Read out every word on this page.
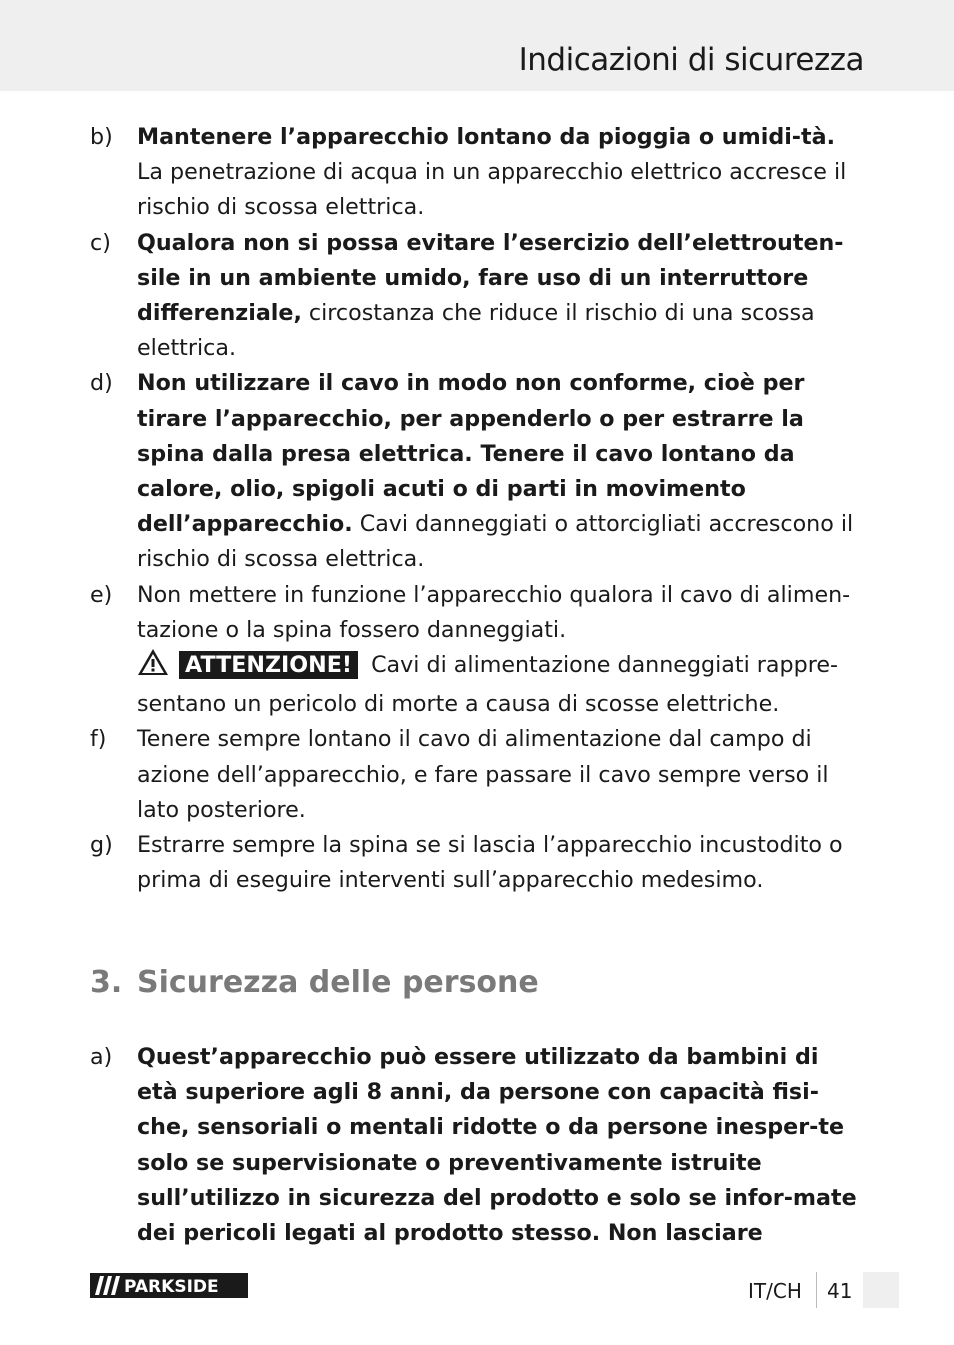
Indicazioni di sicurezza
b) Mantenere l’apparecchio lontano da pioggia o umidi-tà. La penetrazione di acqua in un apparecchio elettrico accresce il rischio di scossa elettrica.
c) Qualora non si possa evitare l’esercizio dell’elettrouten-sile in un ambiente umido, fare uso di un interruttore differenziale, circostanza che riduce il rischio di una scossa elettrica.
d) Non utilizzare il cavo in modo non conforme, cioè per tirare l’apparecchio, per appenderlo o per estrarre la spina dalla presa elettrica. Tenere il cavo lontano da calore, olio, spigoli acuti o di parti in movimento dell’apparecchio. Cavi danneggiati o attorcigliati accrescono il rischio di scossa elettrica.
e) Non mettere in funzione l’apparecchio qualora il cavo di alimen-tazione o la spina fossero danneggiati.
ATTENZIONE! Cavi di alimentazione danneggiati rappre-sentano un pericolo di morte a causa di scosse elettriche.
f) Tenere sempre lontano il cavo di alimentazione dal campo di azione dell’apparecchio, e fare passare il cavo sempre verso il lato posteriore.
g) Estrarre sempre la spina se si lascia l’apparecchio incustodito o prima di eseguire interventi sull’apparecchio medesimo.
3. Sicurezza delle persone
a) Quest’apparecchio può essere utilizzato da bambini di età superiore agli 8 anni, da persone con capacità fisi-che, sensoriali o mentali ridotte o da persone inesper-te solo se supervisionate o preventivamente istruite sull’utilizzo in sicurezza del prodotto e solo se infor-mate dei pericoli legati al prodotto stesso. Non lasciare
PARKSIDE	IT/CH 41
